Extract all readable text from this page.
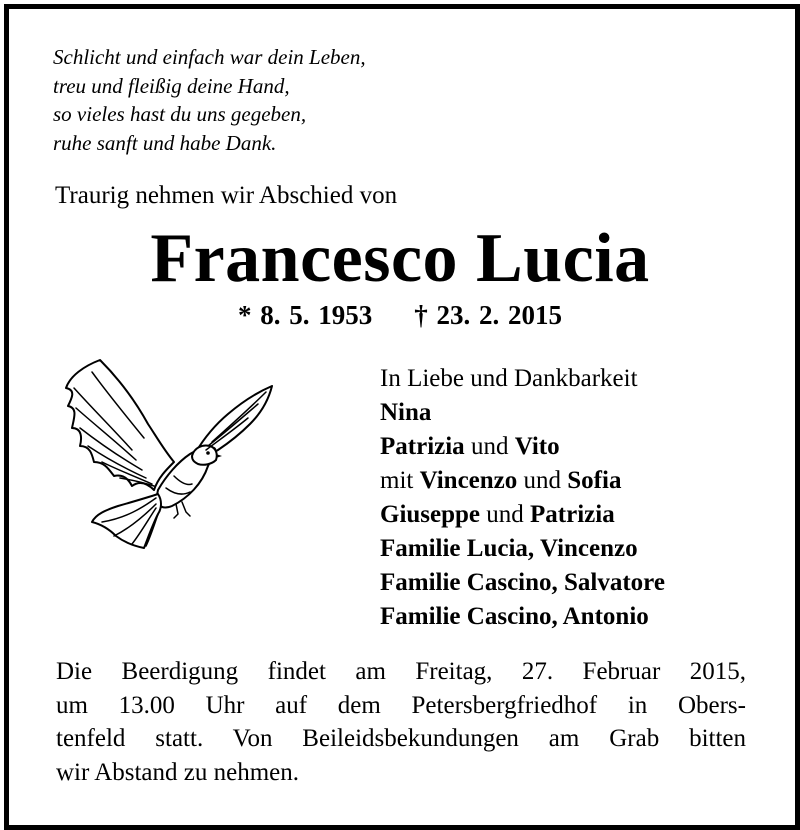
Schlicht und einfach war dein Leben,
treu und fleißig deine Hand,
so vieles hast du uns gegeben,
ruhe sanft und habe Dank.
Traurig nehmen wir Abschied von
Francesco Lucia
* 8. 5. 1953 † 23. 2. 2015
In Liebe und Dankbarkeit
Nina
Patrizia und Vito
mit Vincenzo und Sofia
Giuseppe und Patrizia
Familie Lucia, Vincenzo
Familie Cascino, Salvatore
Familie Cascino, Antonio
Die Beerdigung findet am Freitag, 27. Februar 2015,
um 13.00 Uhr auf dem Petersbergfriedhof in Obers-
tenfeld statt. Von Beileidsbekundungen am Grab bitten
wir Abstand zu nehmen.
